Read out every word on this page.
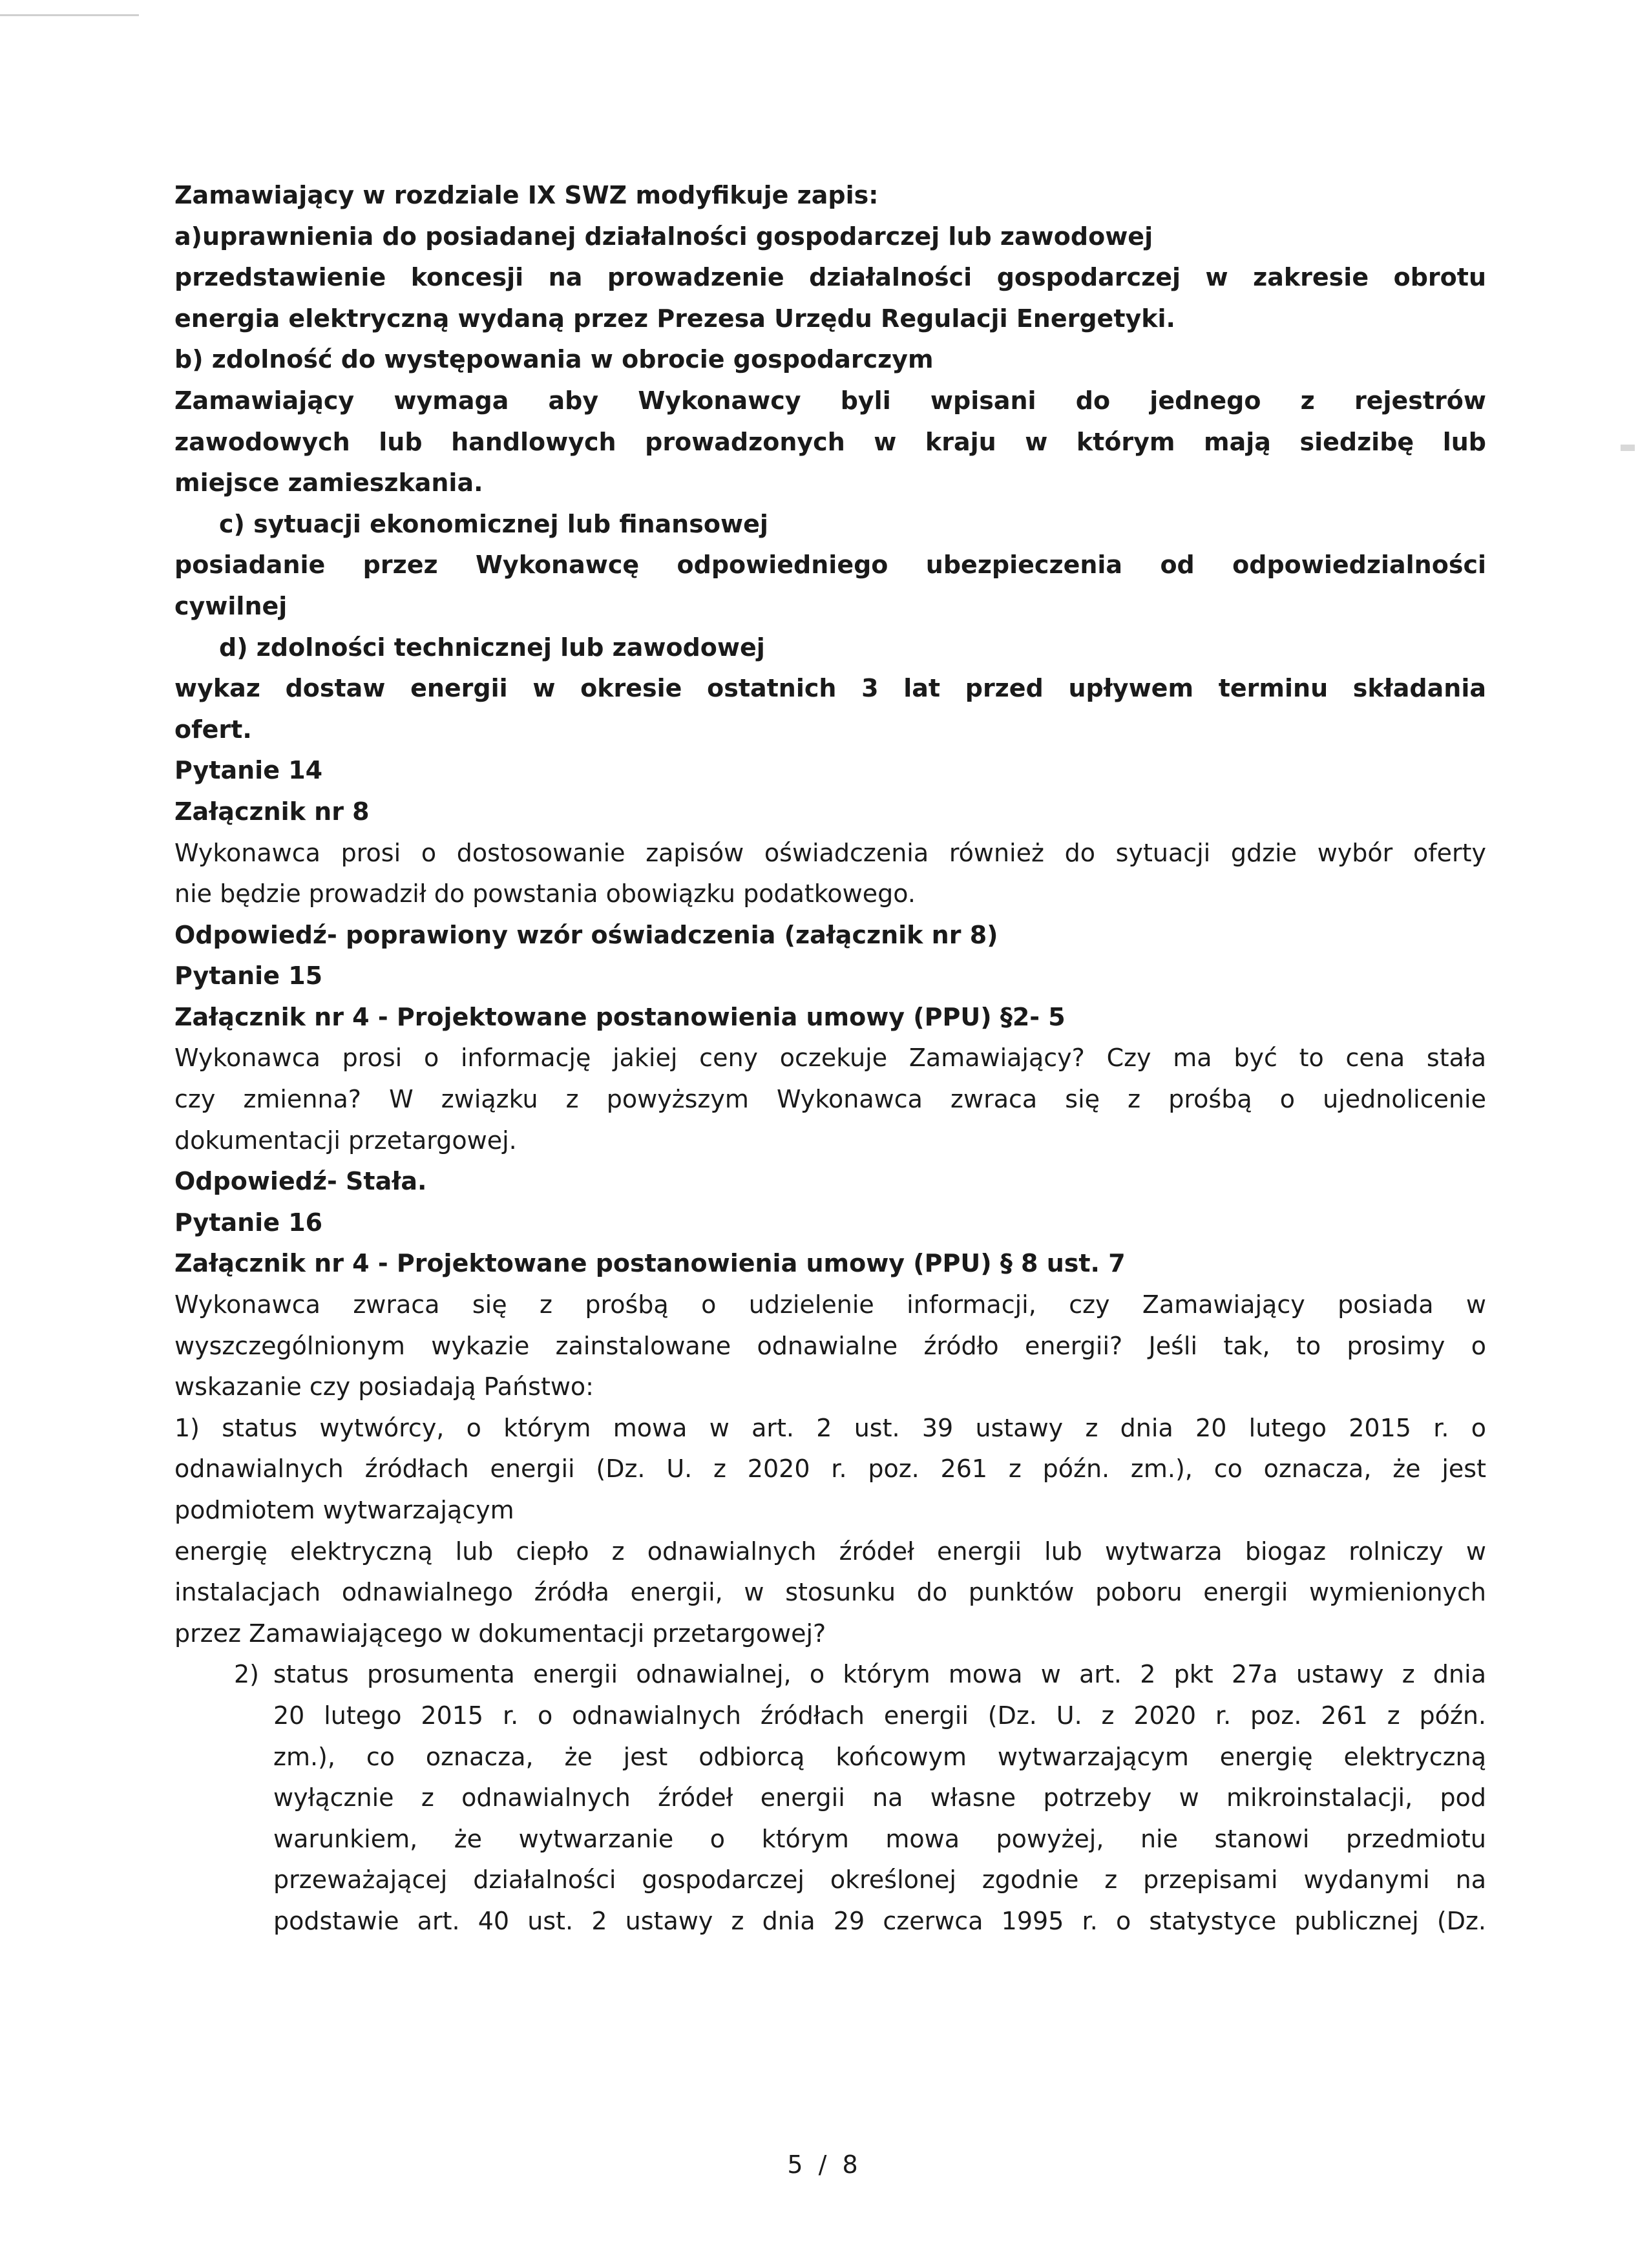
Zamawiający w rozdziale IX SWZ modyfikuje zapis:
a)uprawnienia do posiadanej działalności gospodarczej lub zawodowej
przedstawienie koncesji na prowadzenie działalności gospodarczej w zakresie obrotu
energia elektryczną wydaną przez Prezesa Urzędu Regulacji Energetyki.
b) zdolność do występowania w obrocie gospodarczym
Zamawiający wymaga aby Wykonawcy byli wpisani do jednego z rejestrów
zawodowych lub handlowych prowadzonych w kraju w którym mają siedzibę lub
miejsce zamieszkania.
c) sytuacji ekonomicznej lub finansowej
posiadanie przez Wykonawcę odpowiedniego ubezpieczenia od odpowiedzialności
cywilnej
d) zdolności technicznej lub zawodowej
wykaz dostaw energii w okresie ostatnich 3 lat przed upływem terminu składania
ofert.
Pytanie 14
Załącznik nr 8
Wykonawca prosi o dostosowanie zapisów oświadczenia również do sytuacji gdzie wybór oferty
nie będzie prowadził do powstania obowiązku podatkowego.
Odpowiedź- poprawiony wzór oświadczenia (załącznik nr 8)
Pytanie 15
Załącznik nr 4 - Projektowane postanowienia umowy (PPU) §2- 5
Wykonawca prosi o informację jakiej ceny oczekuje Zamawiający? Czy ma być to cena stała
czy zmienna? W związku z powyższym Wykonawca zwraca się z prośbą o ujednolicenie
dokumentacji przetargowej.
Odpowiedź- Stała.
Pytanie 16
Załącznik nr 4 - Projektowane postanowienia umowy (PPU) § 8 ust. 7
Wykonawca zwraca się z prośbą o udzielenie informacji, czy Zamawiający posiada w
wyszczególnionym wykazie zainstalowane odnawialne źródło energii? Jeśli tak, to prosimy o
wskazanie czy posiadają Państwo:
1) status wytwórcy, o którym mowa w art. 2 ust. 39 ustawy z dnia 20 lutego 2015 r. o
odnawialnych źródłach energii (Dz. U. z 2020 r. poz. 261 z późn. zm.), co oznacza, że jest
podmiotem wytwarzającym
energię elektryczną lub ciepło z odnawialnych źródeł energii lub wytwarza biogaz rolniczy w
instalacjach odnawialnego źródła energii, w stosunku do punktów poboru energii wymienionych
przez Zamawiającego w dokumentacji przetargowej?
2) status prosumenta energii odnawialnej, o którym mowa w art. 2 pkt 27a ustawy z dnia
20 lutego 2015 r. o odnawialnych źródłach energii (Dz. U. z 2020 r. poz. 261 z późn.
zm.), co oznacza, że jest odbiorcą końcowym wytwarzającym energię elektryczną
wyłącznie z odnawialnych źródeł energii na własne potrzeby w mikroinstalacji, pod
warunkiem, że wytwarzanie o którym mowa powyżej, nie stanowi przedmiotu
przeważającej działalności gospodarczej określonej zgodnie z przepisami wydanymi na
podstawie art. 40 ust. 2 ustawy z dnia 29 czerwca 1995 r. o statystyce publicznej (Dz.
5 / 8
